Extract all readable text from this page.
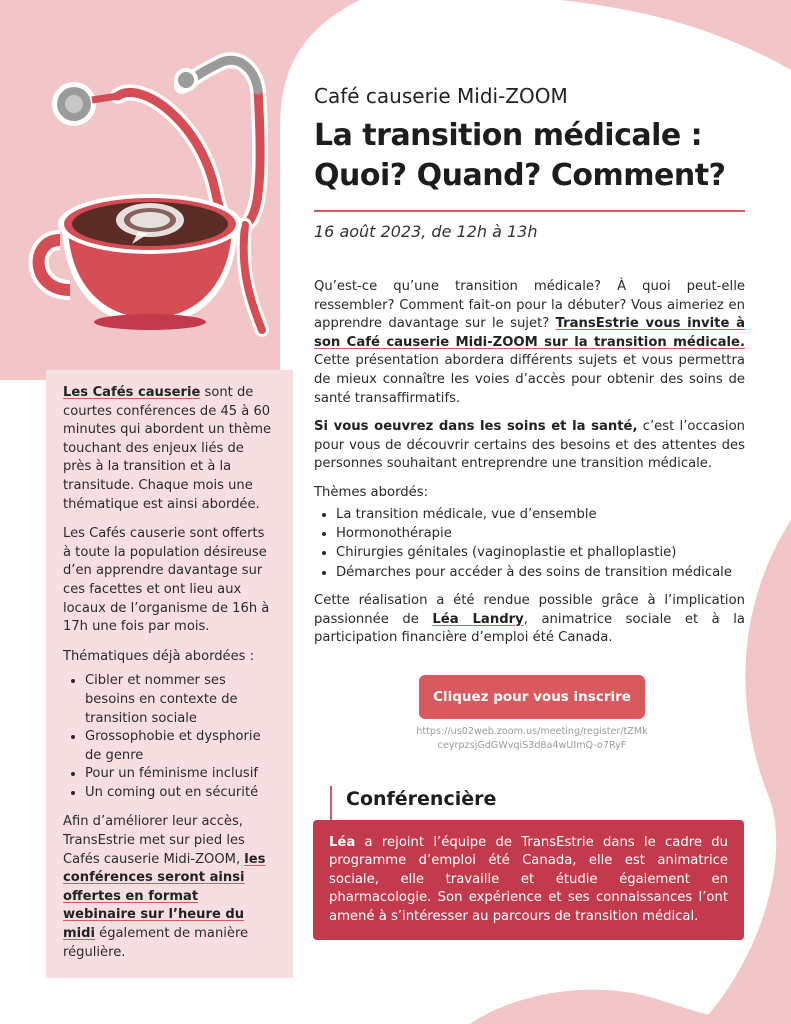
Café causerie Midi-ZOOM
La transition médicale :
Quoi? Quand? Comment?
16 août 2023, de 12h à 13h

Qu’est-ce qu’une transition médicale? À quoi peut-elle ressembler? Comment fait-on pour la débuter? Vous aimeriez en apprendre davantage sur le sujet? TransEstrie vous invite à son Café causerie Midi-ZOOM sur la transition médicale. Cette présentation abordera différents sujets et vous permettra de mieux connaître les voies d’accès pour obtenir des soins de santé transaffirmatifs.

Si vous oeuvrez dans les soins et la santé, c’est l’occasion pour vous de découvrir certains des besoins et des attentes des personnes souhaitant entreprendre une transition médicale.

Thèmes abordés:

• La transition médicale, vue d’ensemble
• Hormonothérapie
• Chirurgies génitales (vaginoplastie et phalloplastie)
• Démarches pour accéder à des soins de transition médicale

Cette réalisation a été rendue possible grâce à l’implication passionnée de Léa Landry, animatrice sociale et à la participation financière d’emploi été Canada.

Cliquez pour vous inscrire
https://us02web.zoom.us/meeting/register/tZMkceyrpzsjGdGWvqiS3d8a4wUImQ-o7RyF
Conférencière
Léa a rejoint l’équipe de TransEstrie dans le cadre du programme d’emploi été Canada, elle est animatrice sociale, elle travaille et étudie également en pharmacologie. Son expérience et ses connaissances l’ont amené à s’intéresser au parcours de transition médical.

Les Cafés causerie sont de courtes conférences de 45 à 60 minutes qui abordent un thème touchant des enjeux liés de près à la transition et à la transitude. Chaque mois une thématique est ainsi abordée.

Les Cafés causerie sont offerts à toute la population désireuse d’en apprendre davantage sur ces facettes et ont lieu aux locaux de l’organisme de 16h à 17h une fois par mois.

Thématiques déjà abordées :

• Cibler et nommer ses besoins en contexte de transition sociale
• Grossophobie et dysphorie de genre
• Pour un féminisme inclusif
• Un coming out en sécurité

Afin d’améliorer leur accès, TransEstrie met sur pied les Cafés causerie Midi-ZOOM, les conférences seront ainsi offertes en format webinaire sur l’heure du midi également de manière régulière.
